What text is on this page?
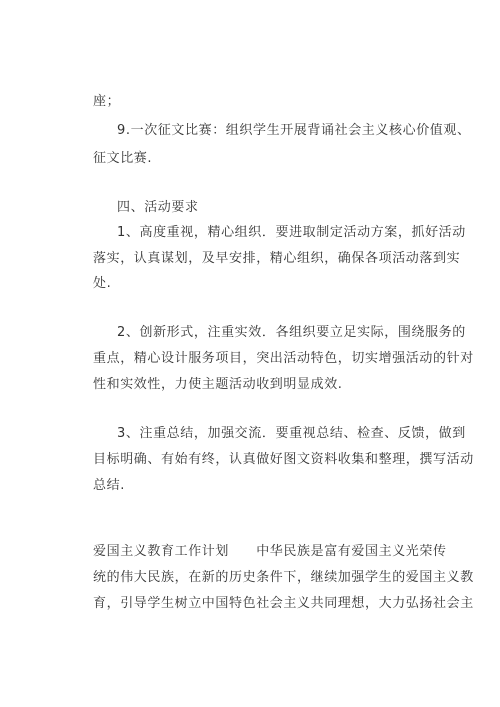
座；
9.一次征文比赛：组织学生开展背诵社会主义核心价值观、
征文比赛.
四、活动要求
1、高度重视，精心组织．要进取制定活动方案，抓好活动
落实，认真谋划，及早安排，精心组织，确保各项活动落到实
处.
2、创新形式，注重实效．各组织要立足实际，围绕服务的
重点，精心设计服务项目，突出活动特色，切实增强活动的针对
性和实效性，力使主题活动收到明显成效.
3、注重总结，加强交流．要重视总结、检查、反馈，做到
目标明确、有始有终，认真做好图文资料收集和整理，撰写活动
总结.
爱国主义教育工作计划　　中华民族是富有爱国主义光荣传
统的伟大民族，在新的历史条件下，继续加强学生的爱国主义教
育，引导学生树立中国特色社会主义共同理想，大力弘扬社会主
